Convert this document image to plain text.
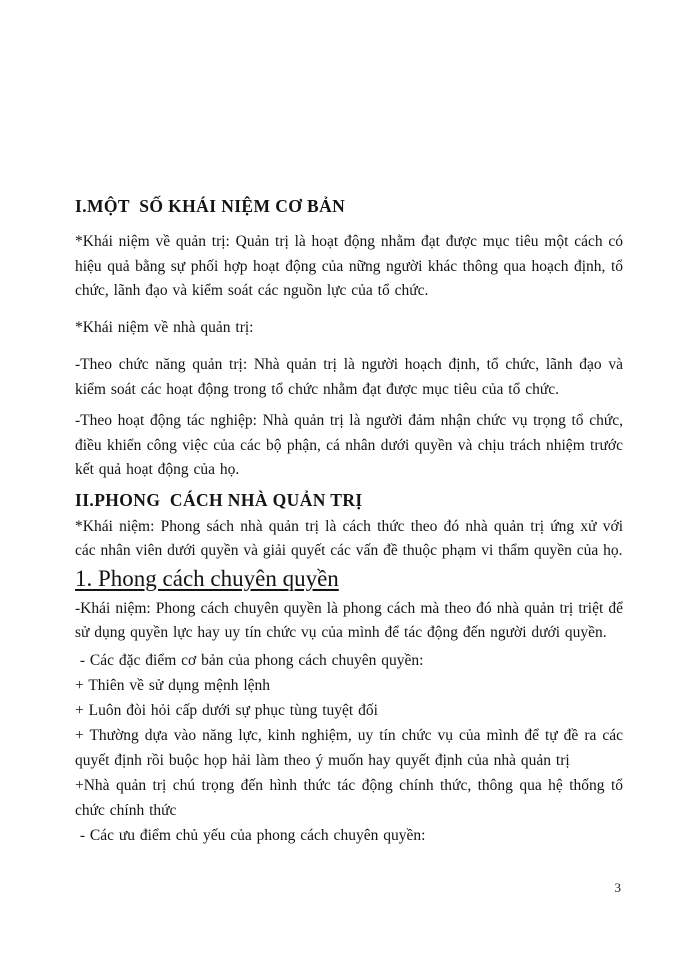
I.MỘT  SỐ KHÁI NIỆM CƠ BẢN

*Khái niệm về quản trị: Quản trị là hoạt động nhằm đạt được mục tiêu một cách có hiệu quả bằng sự phối hợp hoạt động của nững người khác thông qua hoạch định, tổ chức, lãnh đạo và kiểm soát các nguồn lực của tổ chức.

*Khái niệm về nhà quản trị:

-Theo chức năng quản trị: Nhà quản trị là người hoạch định, tổ chức, lãnh đạo và kiểm soát các hoạt động trong tổ chức nhằm đạt được mục tiêu của tổ chức.

-Theo hoạt động tác nghiệp: Nhà quản trị là người đảm nhận chức vụ trọng tổ chức, điều khiển công việc của các bộ phận, cá nhân dưới quyền và chịu trách nhiệm trước kết quả hoạt động của họ.

II.PHONG  CÁCH NHÀ QUẢN TRỊ

*Khái niệm: Phong sách nhà quản trị là cách thức theo đó nhà quản trị ứng xử với các nhân viên dưới quyền và giải quyết các vấn đề thuộc phạm vi thẩm quyền của họ.

1. Phong cách chuyên quyền

-Khái niệm: Phong cách chuyên quyền là phong cách mà theo đó nhà quản trị triệt để sử dụng quyền lực hay uy tín chức vụ của mình để tác động đến người dưới quyền.

- Các đặc điểm cơ bản của phong cách chuyên quyền:

+ Thiên về sử dụng mệnh lệnh

+ Luôn đòi hỏi cấp dưới sự phục tùng tuyệt đối

+ Thường dựa vào năng lực, kinh nghiệm, uy tín chức vụ của mình để tự đề ra các quyết định rồi buộc họp hải làm theo ý muốn hay quyết định của nhà quản trị

+Nhà quản trị chú trọng đến hình thức tác động chính thức, thông qua hệ thống tổ chức chính thức

- Các ưu điểm chủ yếu của phong cách chuyên quyền:

3
